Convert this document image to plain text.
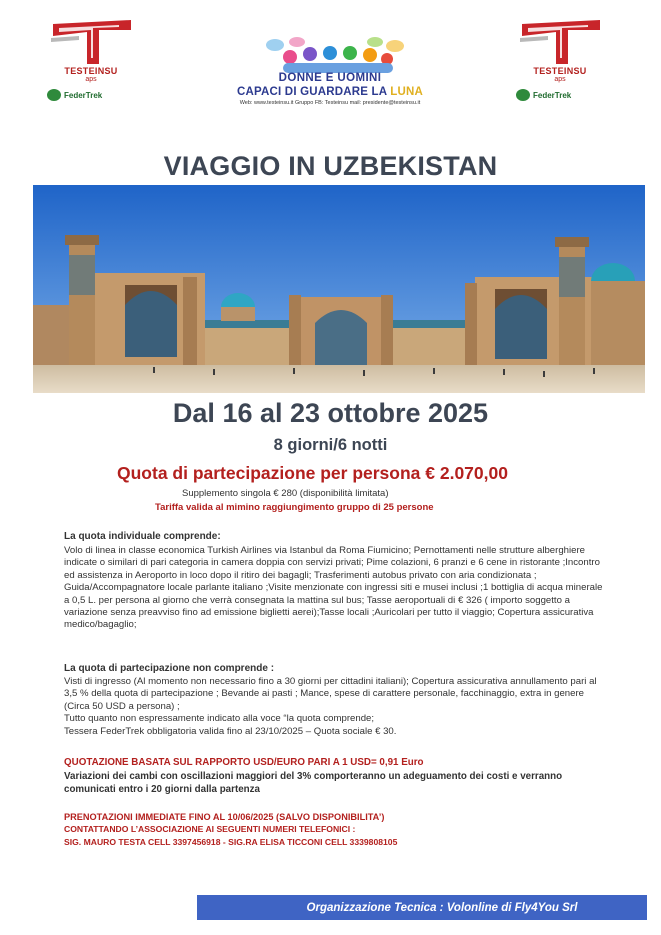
TESTEINSU
aps
FederTrek
TESTEINSU
aps
FederTrek
DONNE E UOMINI
CAPACI DI GUARDARE LA LUNA
Web: www.testeinsu.it Gruppo FB: Testeinsu mail: presidente@testeinsu.it
VIAGGIO IN UZBEKISTAN
Dal 16 al 23 ottobre 2025
8 giorni/6 notti
Quota di partecipazione per persona € 2.070,00
Supplemento singola € 280 (disponibilità limitata)
Tariffa valida al mimino raggiungimento gruppo di 25 persone
La quota individuale comprende:
Volo di linea in classe economica Turkish Airlines via Istanbul da Roma Fiumicino; Pernottamenti nelle strutture alberghiere indicate o similari di pari categoria in camera doppia con servizi privati; Pime colazioni, 6 pranzi e 6 cene in ristorante ;Incontro ed assistenza in Aeroporto in loco dopo il ritiro dei bagagli; Trasferimenti autobus privato con aria condizionata ; Guida/Accompagnatore locale parlante italiano ;Visite menzionate con ingressi siti e musei inclusi ;1 bottiglia di acqua minerale a 0,5 L. per persona al giorno che verrà consegnata la mattina sul bus; Tasse aeroportuali di € 326 ( importo soggetto a variazione senza preavviso fino ad emissione biglietti aerei);Tasse locali ;Auricolari per tutto il viaggio; Copertura assicurativa medico/bagaglio;
La quota di partecipazione non comprende :
Visti di ingresso (Al momento non necessario fino a 30 giorni per cittadini italiani); Copertura assicurativa annullamento pari al 3,5 % della quota di partecipazione ; Bevande ai pasti ; Mance, spese di carattere personale, facchinaggio, extra in genere (Circa 50 USD a persona) ;
Tutto quanto non espressamente indicato alla voce “la quota comprende;
Tessera FederTrek obbligatoria valida fino al 23/10/2025 – Quota sociale € 30.
QUOTAZIONE BASATA SUL RAPPORTO USD/EURO PARI A 1 USD= 0,91 Euro
Variazioni dei cambi con oscillazioni maggiori del 3% comporteranno un adeguamento dei costi e verranno comunicati entro i 20 giorni dalla partenza
PRENOTAZIONI IMMEDIATE FINO AL 10/06/2025 (SALVO DISPONIBILITA’)
CONTATTANDO L’ASSOCIAZIONE AI SEGUENTI NUMERI TELEFONICI :
SIG. MAURO TESTA CELL 3397456918 - SIG.RA ELISA TICCONI CELL 3339808105
Organizzazione Tecnica : Volonline di Fly4You Srl
